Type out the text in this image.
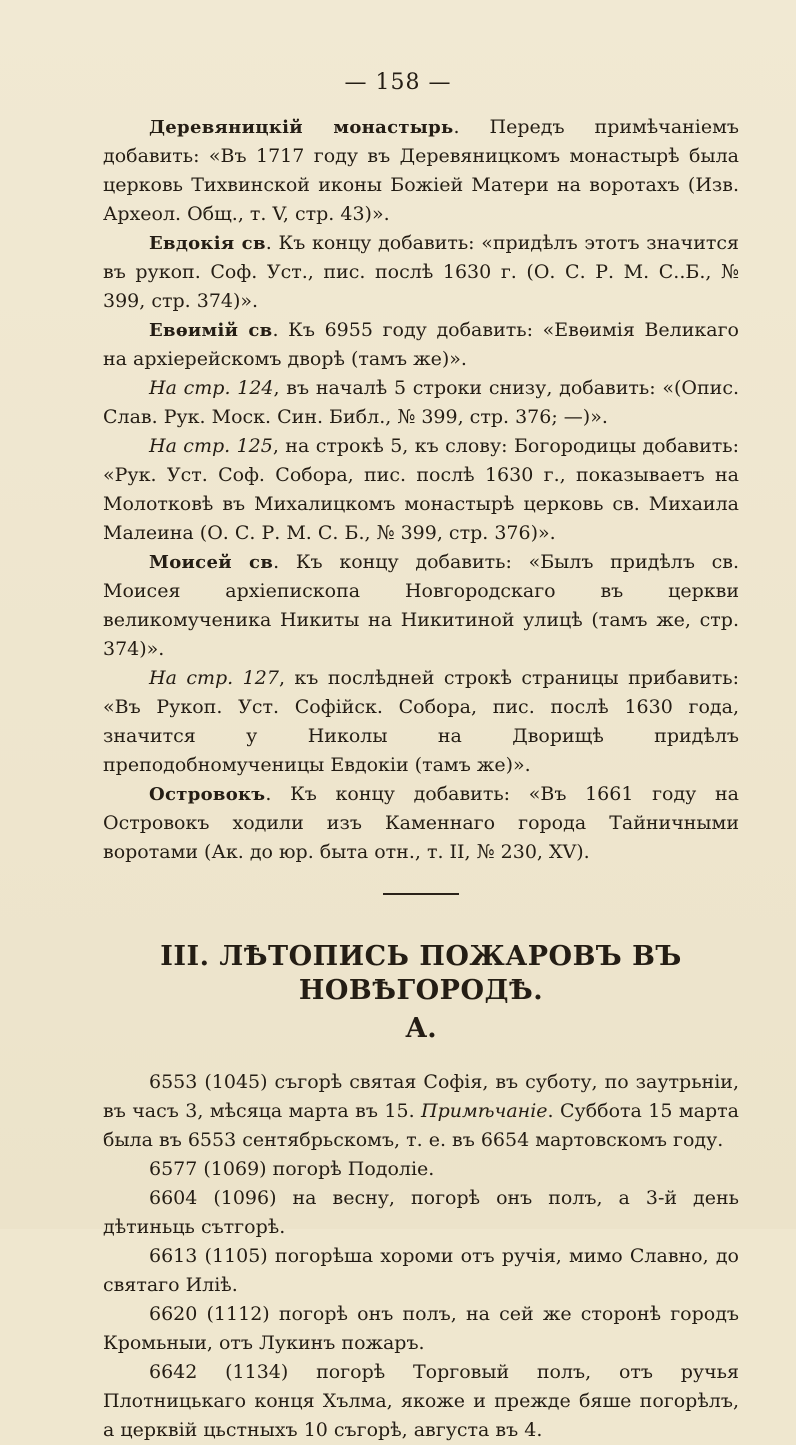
— 158 —

Деревяницкій монастырь. Передъ примѣчаніемъ добавить: «Въ 1717 году въ Деревяницкомъ монастырѣ была церковь Тихвинской иконы Божіей Матери на воротахъ (Изв. Археол. Общ., т. V, стр. 43)».

Евдокія св. Къ концу добавить: «придѣлъ этотъ значится въ рукоп. Соф. Уст., пис. послѣ 1630 г. (О. С. Р. М. С..Б., № 399, стр. 374)».

Евѳимій св. Къ 6955 году добавить: «Евѳимія Великаго на архіерейскомъ дворѣ (тамъ же)».

На стр. 124, въ началѣ 5 строки снизу, добавить: «(Опис. Слав. Рук. Моск. Син. Библ., № 399, стр. 376; —)».

На стр. 125, на строкѣ 5, къ слову: Богородицы добавить: «Рук. Уст. Соф. Собора, пис. послѣ 1630 г., показываетъ на Молотковѣ въ Михалицкомъ монастырѣ церковь св. Михаила Малеина (О. С. Р. М. С. Б., № 399, стр. 376)».

Моисей св. Къ концу добавить: «Былъ придѣлъ св. Моисея архіепископа Новгородскаго въ церкви великомученика Никиты на Никитиной улицѣ (тамъ же, стр. 374)».

На стр. 127, къ послѣдней строкѣ страницы прибавить: «Въ Рукоп. Уст. Софійск. Собора, пис. послѣ 1630 года, значится у Николы на Дворищѣ придѣлъ преподобномученицы Евдокіи (тамъ же)».

Островокъ. Къ концу добавить: «Въ 1661 году на Островокъ ходили изъ Каменнаго города Тайничными воротами (Ак. до юр. быта отн., т. II, № 230, XV).

III. ЛѢТОПИСЬ ПОЖАРОВЪ ВЪ НОВѢГОРОДѢ.

А.

6553 (1045) съгорѣ святая Софія, въ суботу, по заутрьніи, въ часъ 3, мѣсяца марта въ 15. Примѣчаніе. Суббота 15 марта была въ 6553 сентябрьскомъ, т. е. въ 6654 мартовскомъ году.

6577 (1069) погорѣ Подоліе.

6604 (1096) на весну, погорѣ онъ полъ, а 3-й день дѣтиньць сътгорѣ.

6613 (1105) погорѣша хороми отъ ручія, мимо Славно, до святаго Илiѣ.

6620 (1112) погорѣ онъ полъ, на сей же сторонѣ городъ Кромьныи, отъ Лукинъ пожаръ.

6642 (1134) погорѣ Торговый полъ, отъ ручья Плотницькаго конця Хълма, якоже и прежде бяше погорѣлъ, а церквій цьстныхъ 10 съгорѣ, августа въ 4.
